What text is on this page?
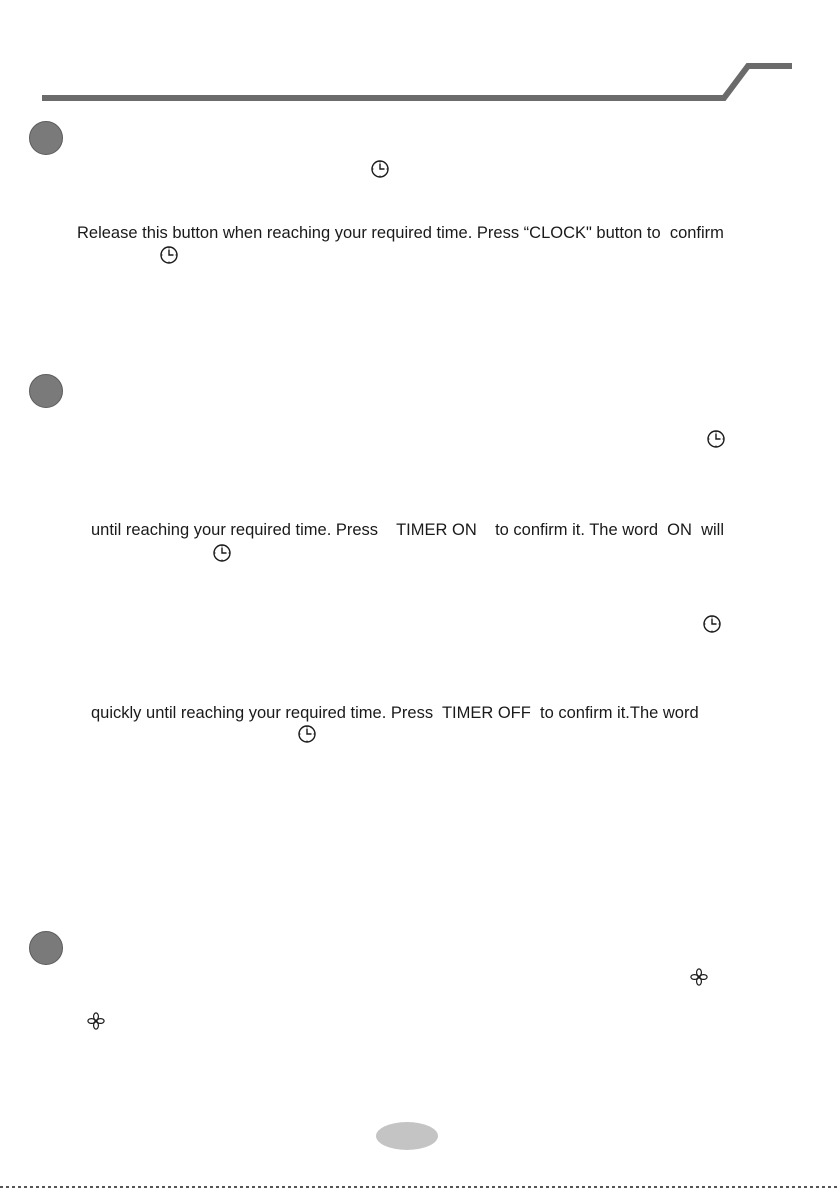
Release this button when reaching your required time. Press “CLOCK" button to  confirm
until reaching your required time. Press    TIMER ON    to confirm it. The word  ON  will
quickly until reaching your required time. Press  TIMER OFF  to confirm it.The word
